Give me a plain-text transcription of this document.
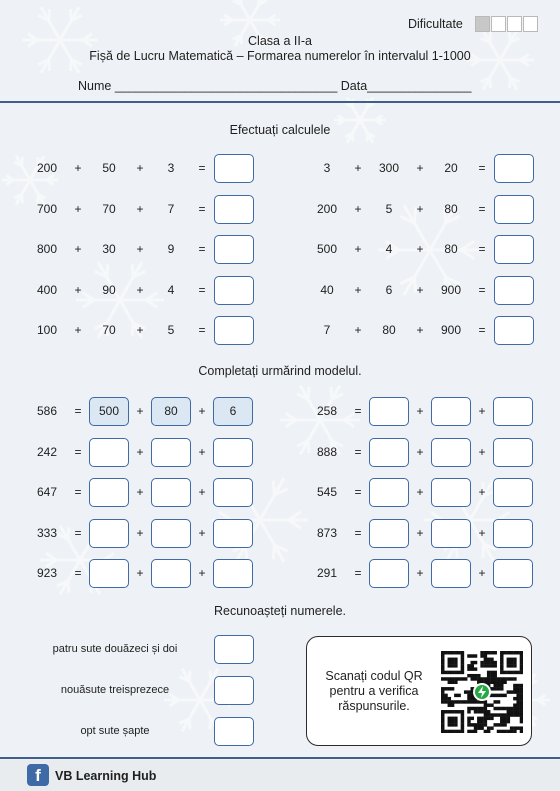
Dificultate
Clasa a II-a
Fișă de Lucru Matematică – Formarea numerelor în intervalul 1-1000
Nume ________________________________ Data_______________
Efectuați calculele
Completați urmărind modelul.
Recunoașteți numerele.
200 +	50	+	3	=	3	+ 300 +	20	=
700 +	70	+	7	=	200 +	5	+	80	=
800 +	30	+	9	=	500 +	4	+	80	=
400 +	90	+	4	=	40	+	6	+ 900 =
100 +	70	+	5	=	7	+	80	+ 900 =
586	=	500	+	80	+	6	258	=	+	+
242	=	+	+	888	=	+	+
647	=	+	+	545	=	+	+
333	=	+	+	873	=	+	+
923	=	+	+	291	=	+	+
patru sute douăzeci și doi
nouăsute treisprezece
opt sute șapte
Scanați codul QR pentru a verifica răspunsurile.
f	VB Learning Hub
